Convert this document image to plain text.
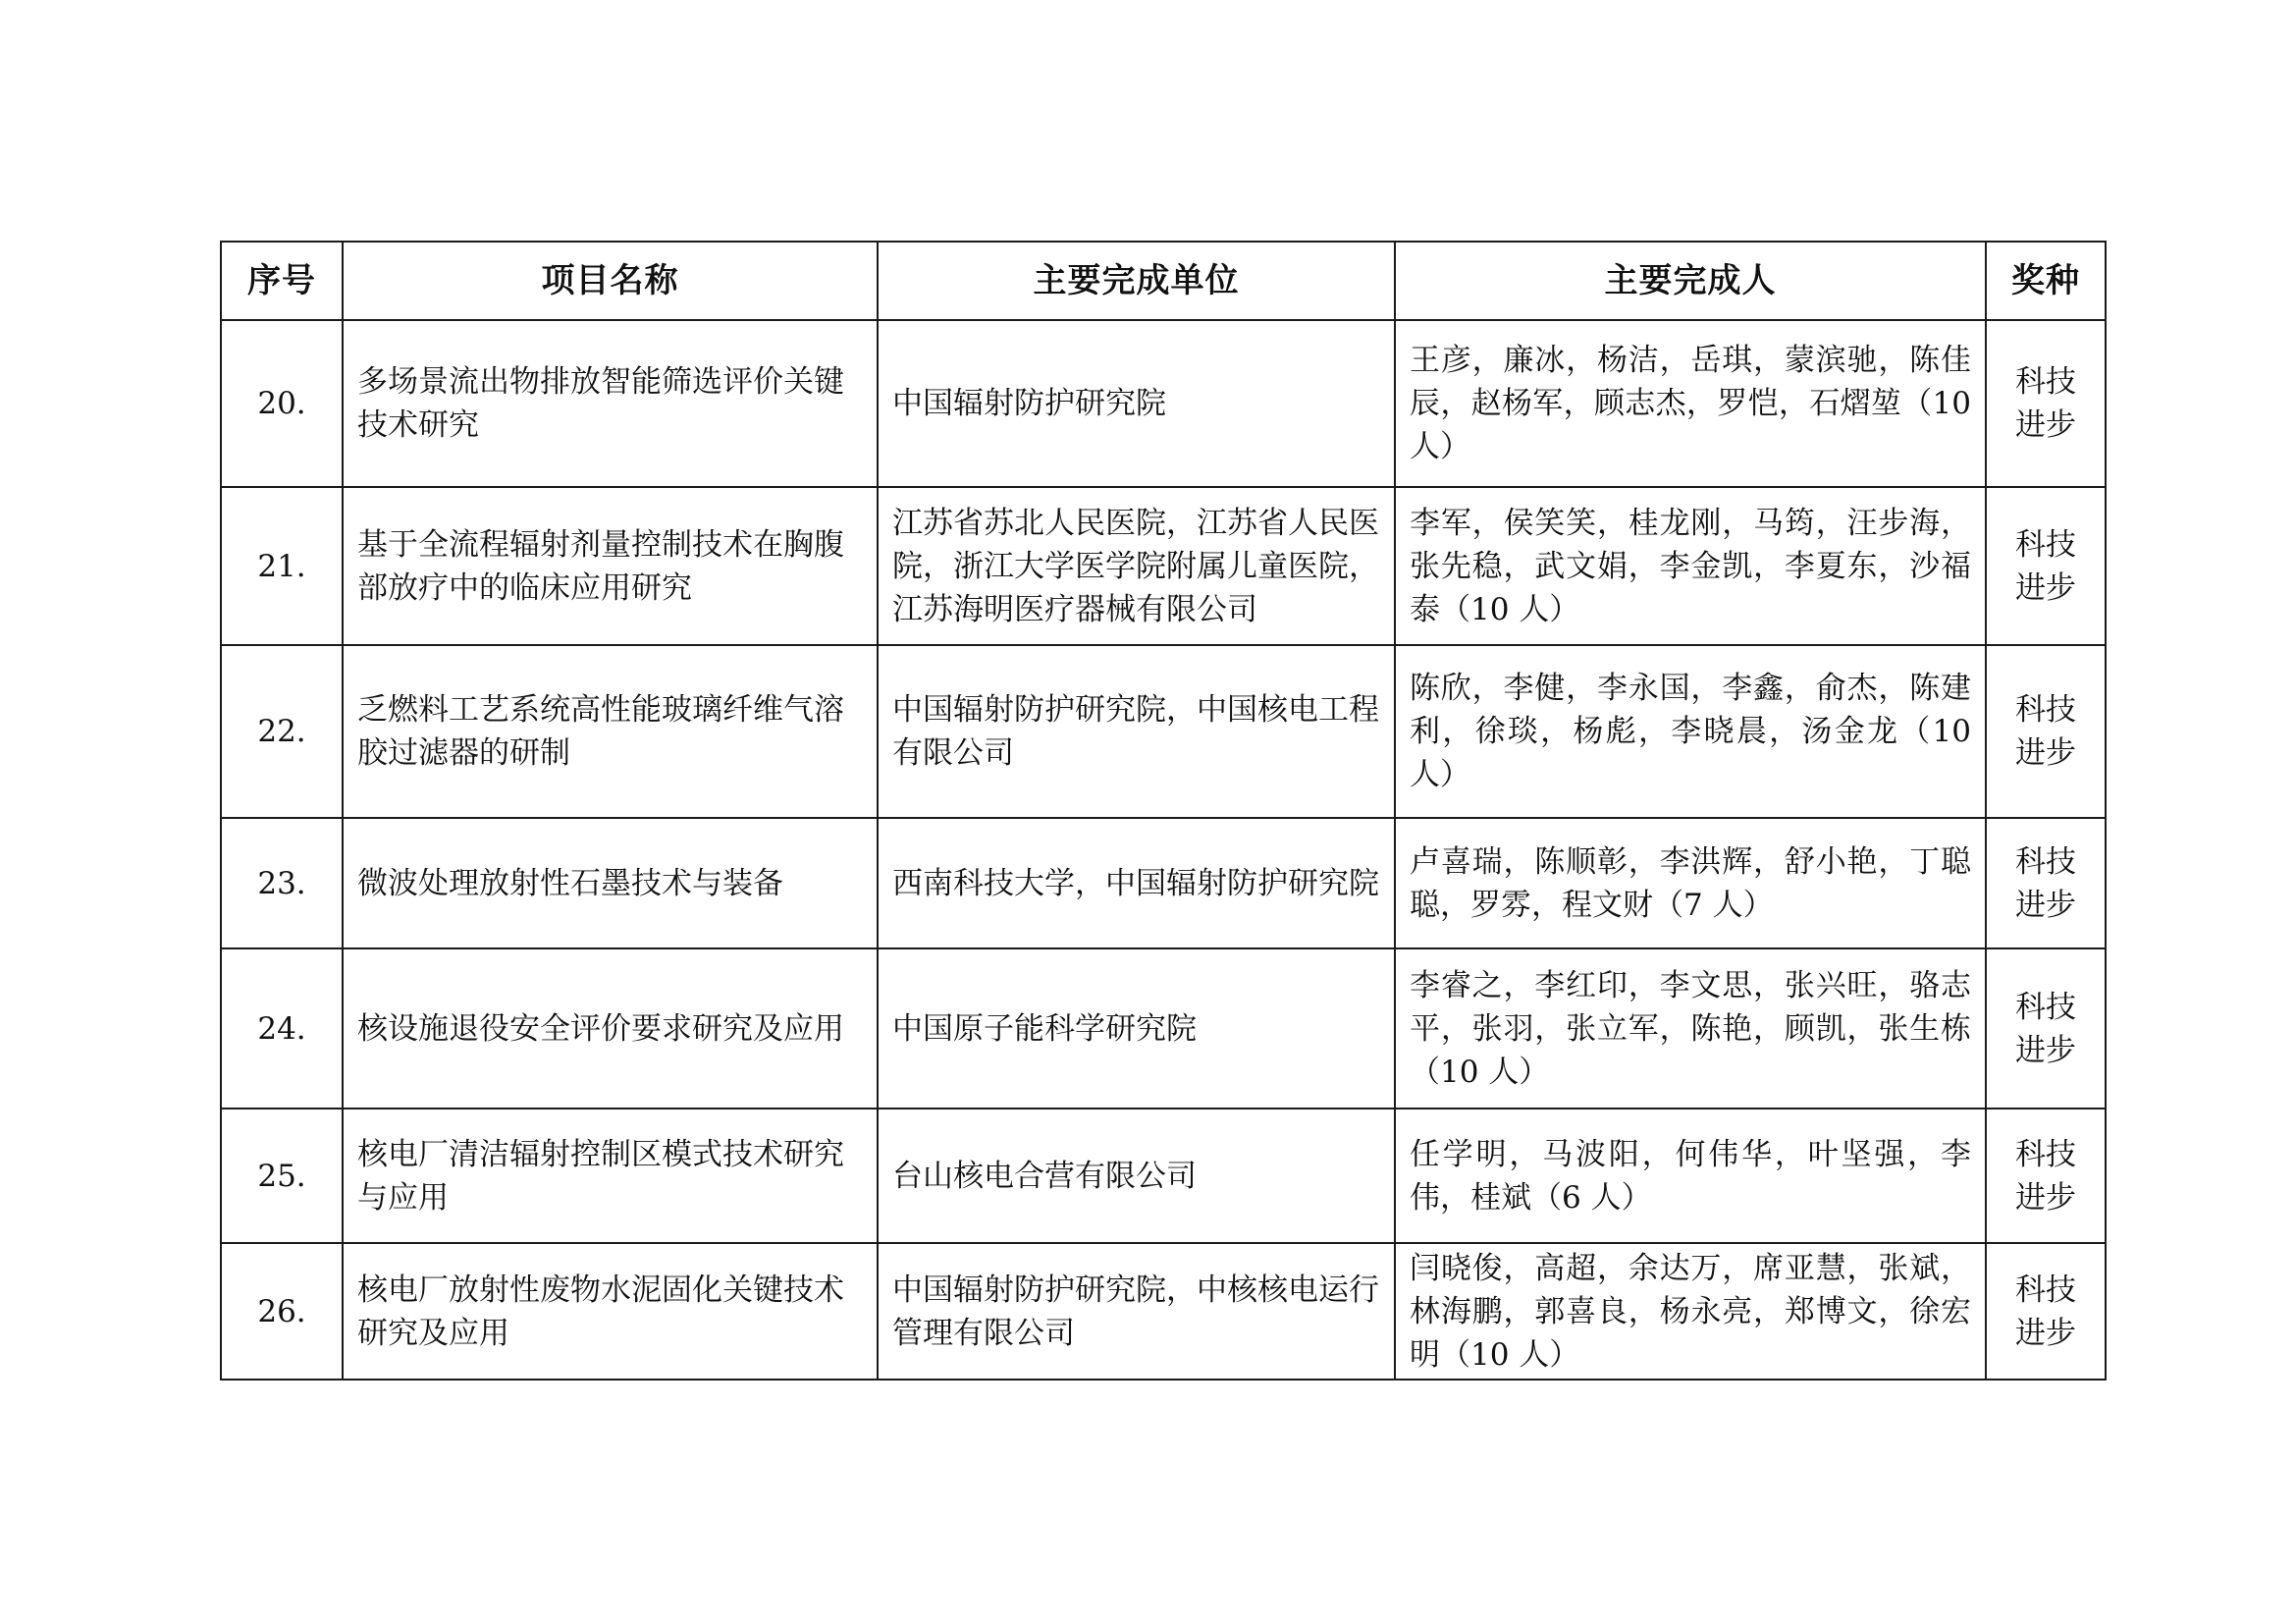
序号	项目名称	主要完成单位	主要完成人	奖种
20.	多场景流出物排放智能筛选评价关键技术研究	中国辐射防护研究院	王彦，廉冰，杨洁，岳琪，蒙滨驰，陈佳辰，赵杨军，顾志杰，罗恺，石熠堃（10 人）	科技
进步

21.	基于全流程辐射剂量控制技术在胸腹部放疗中的临床应用研究	江苏省苏北人民医院，江苏省人民医院，浙江大学医学院附属儿童医院，江苏海明医疗器械有限公司	李军，侯笑笑，桂龙刚，马筠，汪步海，张先稳，武文娟，李金凯，李夏东，沙福泰（10 人）	科技
进步

22.	乏燃料工艺系统高性能玻璃纤维气溶胶过滤器的研制	中国辐射防护研究院，中国核电工程有限公司	陈欣，李健，李永国，李鑫，俞杰，陈建利，徐琰，杨彪，李晓晨，汤金龙（10 人）	科技
进步

23.	微波处理放射性石墨技术与装备	西南科技大学，中国辐射防护研究院	卢喜瑞，陈顺彰，李洪辉，舒小艳，丁聪聪，罗雰，程文财（7 人）	科技
进步

24.	核设施退役安全评价要求研究及应用	中国原子能科学研究院	李睿之，李红印，李文思，张兴旺，骆志平，张羽，张立军，陈艳，顾凯，张生栋（10 人）	科技
进步

25.	核电厂清洁辐射控制区模式技术研究与应用	台山核电合营有限公司	任学明，马波阳，何伟华，叶坚强，李伟，桂斌（6 人）	科技
进步

26.	核电厂放射性废物水泥固化关键技术研究及应用	中国辐射防护研究院，中核核电运行管理有限公司	闫晓俊，高超，余达万，席亚慧，张斌，林海鹏，郭喜良，杨永亮，郑博文，徐宏明（10 人）	科技
进步
